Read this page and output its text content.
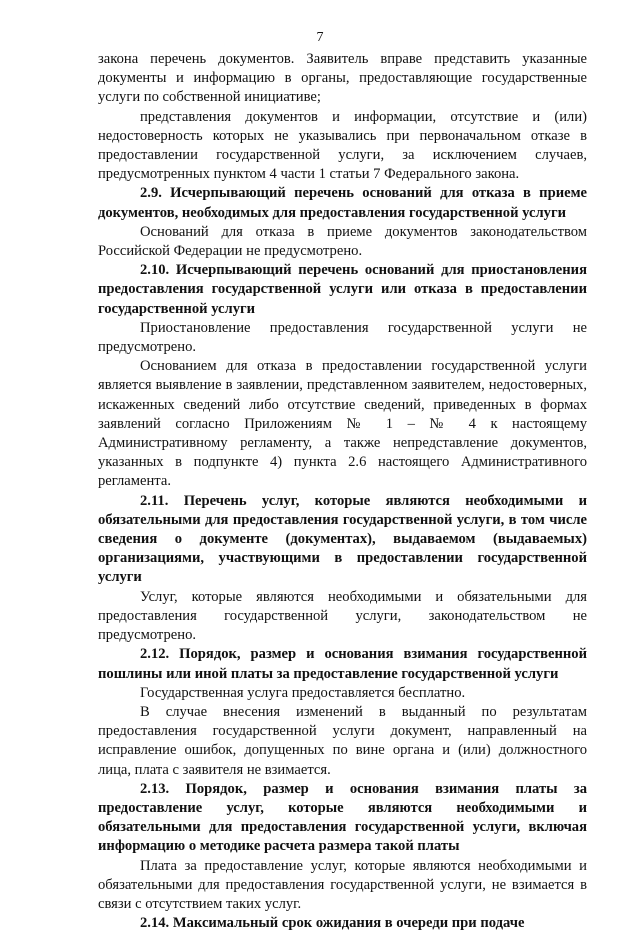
7

закона перечень документов. Заявитель вправе представить указанные документы и информацию в органы, предоставляющие государственные услуги по собственной инициативе;

представления документов и информации, отсутствие и (или) недостоверность которых не указывались при первоначальном отказе в предоставлении государственной услуги, за исключением случаев, предусмотренных пунктом 4 части 1 статьи 7 Федерального закона.

2.9. Исчерпывающий перечень оснований для отказа в приеме документов, необходимых для предоставления государственной услуги

Оснований для отказа в приеме документов законодательством Российской Федерации не предусмотрено.

2.10. Исчерпывающий перечень оснований для приостановления предоставления государственной услуги или отказа в предоставлении государственной услуги

Приостановление предоставления государственной услуги не предусмотрено.

Основанием для отказа в предоставлении государственной услуги является выявление в заявлении, представленном заявителем, недостоверных, искаженных сведений либо отсутствие сведений, приведенных в формах заявлений согласно Приложениям № 1 – № 4 к настоящему Административному регламенту, а также непредставление документов, указанных в подпункте 4) пункта 2.6 настоящего Административного регламента.

2.11. Перечень услуг, которые являются необходимыми и обязательными для предоставления государственной услуги, в том числе сведения о документе (документах), выдаваемом (выдаваемых) организациями, участвующими в предоставлении государственной услуги

Услуг, которые являются необходимыми и обязательными для предоставления государственной услуги, законодательством не предусмотрено.

2.12. Порядок, размер и основания взимания государственной пошлины или иной платы за предоставление государственной услуги

Государственная услуга предоставляется бесплатно.

В случае внесения изменений в выданный по результатам предоставления государственной услуги документ, направленный на исправление ошибок, допущенных по вине органа и (или) должностного лица, плата с заявителя не взимается.

2.13. Порядок, размер и основания взимания платы за предоставление услуг, которые являются необходимыми и обязательными для предоставления государственной услуги, включая информацию о методике расчета размера такой платы

Плата за предоставление услуг, которые являются необходимыми и обязательными для предоставления государственной услуги, не взимается в связи с отсутствием таких услуг.

2.14. Максимальный срок ожидания в очереди при подаче
